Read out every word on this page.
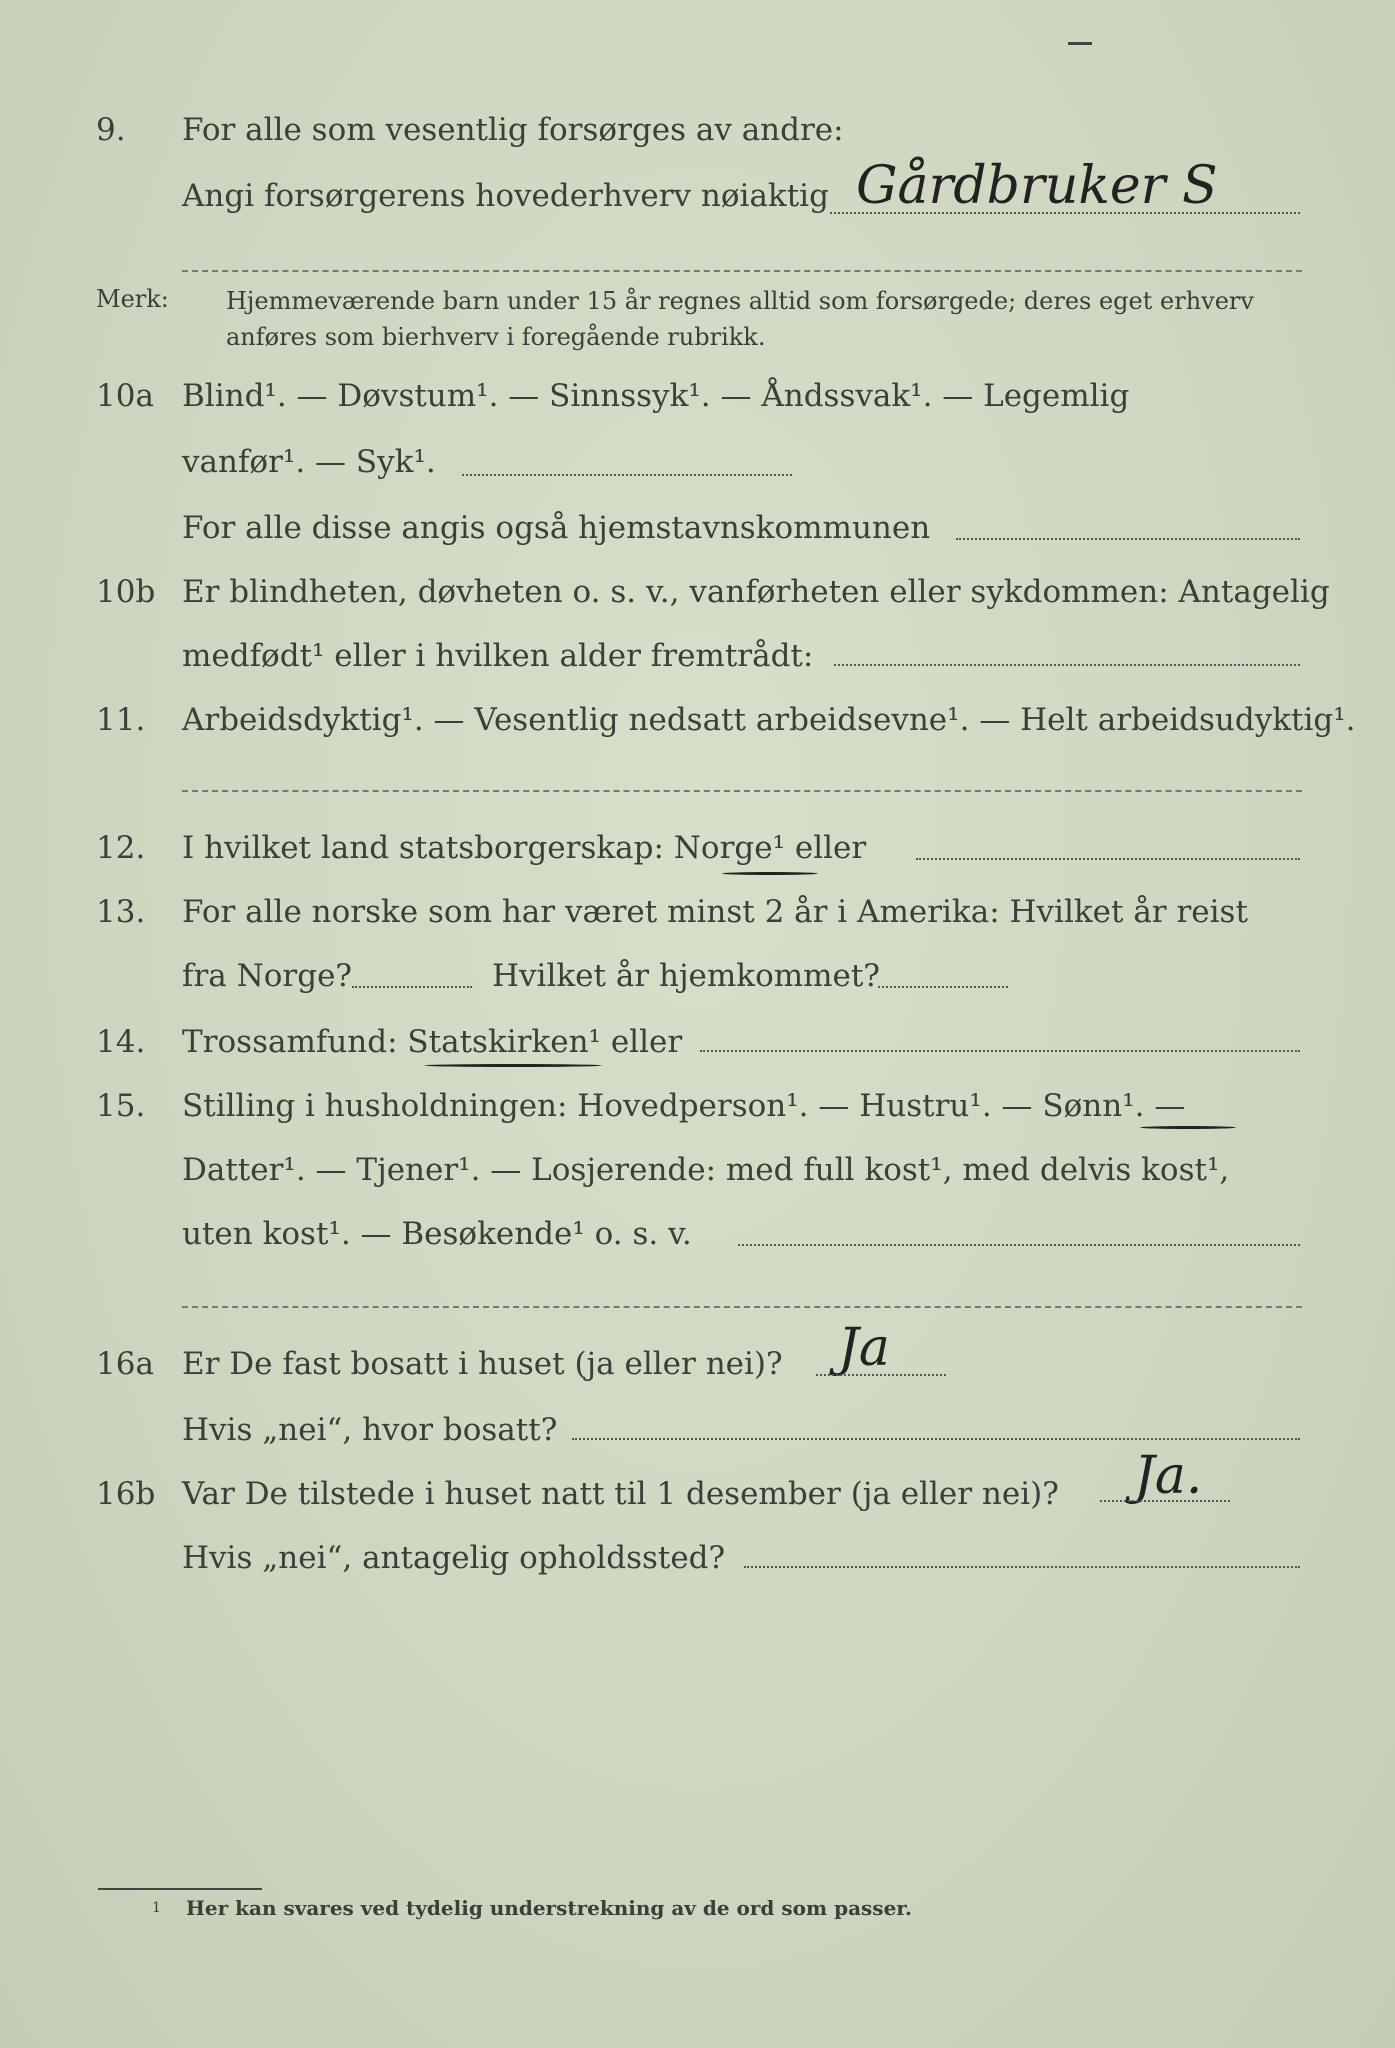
9. For alle som vesentlig forsørges av andre:
Angi forsørgerens hovederhverv nøiaktig Gårdbruker S
Merk: Hjemmeværende barn under 15 år regnes alltid som forsørgede; deres eget erhverv
anføres som bierhverv i foregående rubrikk.
10a Blind¹. — Døvstum¹. — Sinnssyk¹. — Åndssvak¹. — Legemlig
vanfør¹. — Syk¹.
For alle disse angis også hjemstavnskommunen
10b Er blindheten, døvheten o. s. v., vanførheten eller sykdommen: Antagelig
medfødt¹ eller i hvilken alder fremtrådt:
11. Arbeidsdyktig¹. — Vesentlig nedsatt arbeidsevne¹. — Helt arbeidsudyktig¹.
12. I hvilket land statsborgerskap: Norge¹ eller
13. For alle norske som har været minst 2 år i Amerika: Hvilket år reist
fra Norge?	Hvilket år hjemkommet?
14. Trossamfund: Statskirken¹ eller
15. Stilling i husholdningen: Hovedperson¹. — Hustru¹. — Sønn¹. —
Datter¹. — Tjener¹. — Losjerende: med full kost¹, med delvis kost¹,
uten kost¹. — Besøkende¹ o. s. v.
16a Er De fast bosatt i huset (ja eller nei)? Ja
Hvis „nei“, hvor bosatt?
16b Var De tilstede i huset natt til 1 desember (ja eller nei)? Ja.
Hvis „nei“, antagelig opholdssted?
1 Her kan svares ved tydelig understrekning av de ord som passer.
